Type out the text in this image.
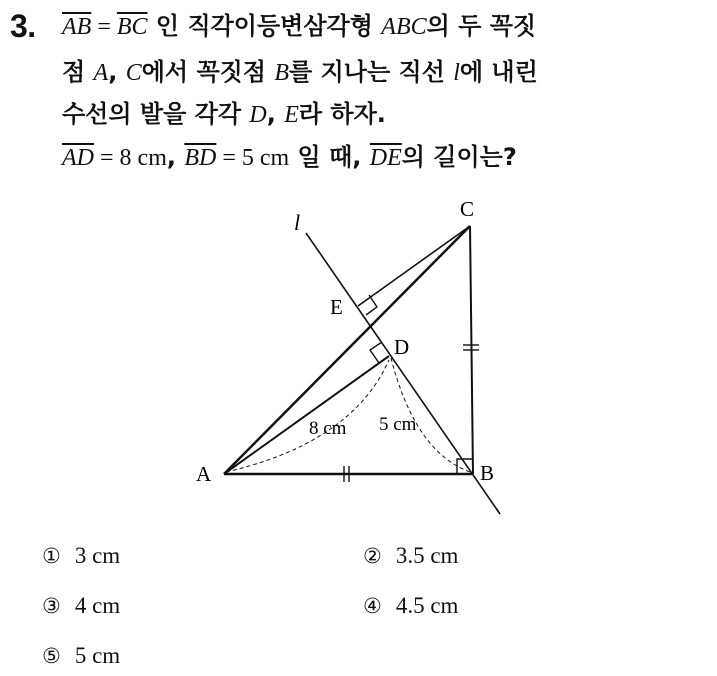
3. $\overline{AB} = \overline{BC}$ 인 직각이등변삼각형 ABC의 두 꼭짓
점 A, C에서 꼭짓점 B를 지나는 직선 l에 내린
수선의 발을 각각 D, E라 하자.
$\overline{AD} = 8$ cm, $\overline{BD} = 5$ cm 일 때, $\overline{DE}$의 길이는?
A	B
C
D
E
l
8 cm 5 cm
① 3 cm	② 3.5 cm
③ 4 cm	④ 4.5 cm
⑤ 5 cm
